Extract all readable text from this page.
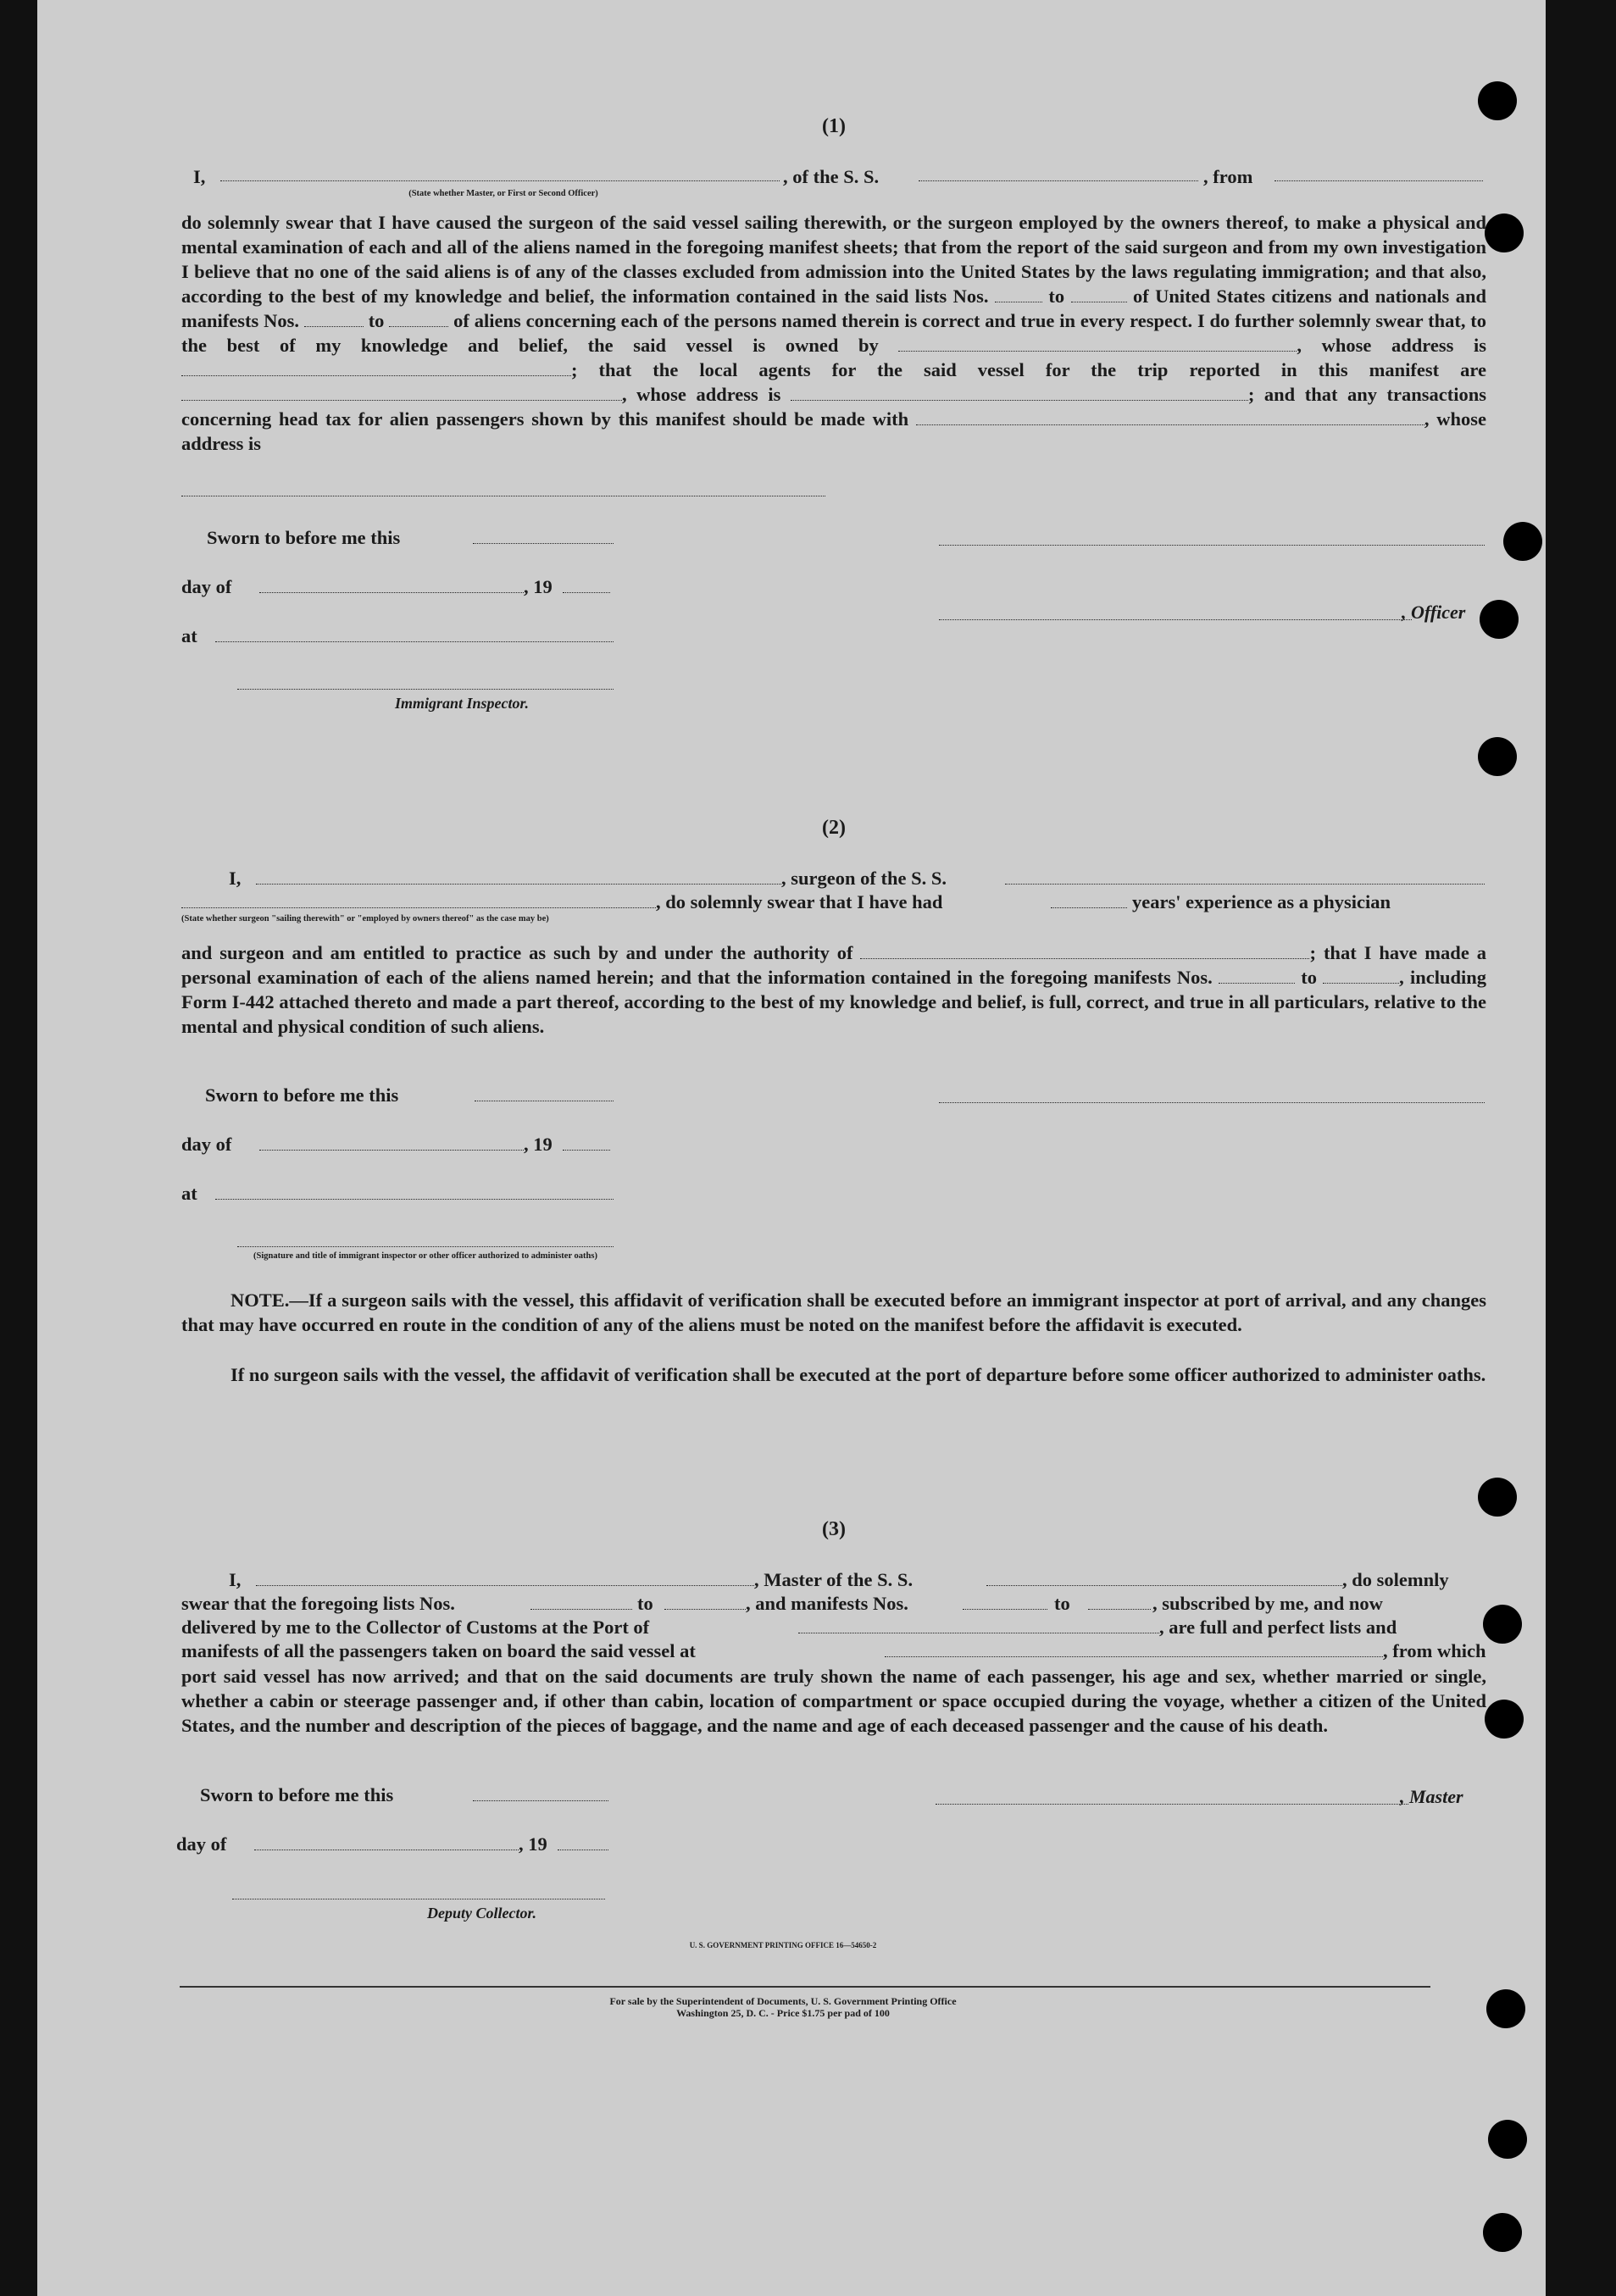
(1)
I,
(State whether Master, or First or Second Officer)
, of the S. S.	, from
do solemnly swear that I have caused the surgeon of the said vessel sailing therewith, or the surgeon employed by the owners thereof, to make a physical and mental examination of each and all of the aliens named in the foregoing manifest sheets; that from the report of the said surgeon and from my own investigation I believe that no one of the said aliens is of any of the classes excluded from admission into the United States by the laws regulating immigration; and that also, according to the best of my knowledge and belief, the information contained in the said lists Nos.	to	of United States citizens and nationals and manifests Nos.	to	of aliens concerning each of the persons named therein is correct and true in every respect. I do further solemnly swear that, to the best of my knowledge and belief, the said vessel is owned by	, whose address is ; that the local agents for the said vessel for the trip reported in this manifest are , whose address is	; and that any transactions concerning head tax for alien passengers shown by this manifest should be made with	, whose address is
Sworn to before me this
day of	, 19
at
Immigrant Inspector.
, Officer
(2)
I,	, surgeon of the S. S.
, do solemnly swear that I have had	years' experience as a physician
(State whether surgeon "sailing therewith" or "employed by owners thereof" as the case may be)
and surgeon and am entitled to practice as such by and under the authority of	; that I have made a personal examination of each of the aliens named herein; and that the information contained in the foregoing manifests Nos.	to	, including Form I-442 attached thereto and made a part thereof, according to the best of my knowledge and belief, is full, correct, and true in all particulars, relative to the mental and physical condition of such aliens.
Sworn to before me this
day of	, 19
at
(Signature and title of immigrant inspector or other officer authorized to administer oaths)
NOTE.—If a surgeon sails with the vessel, this affidavit of verification shall be executed before an immigrant inspector at port of arrival, and any changes that may have occurred en route in the condition of any of the aliens must be noted on the manifest before the affidavit is executed.
If no surgeon sails with the vessel, the affidavit of verification shall be executed at the port of departure before some officer authorized to administer oaths.
(3)
I,	, Master of the S. S.	, do solemnly
swear that the foregoing lists Nos.	to	, and manifests Nos.	to	, subscribed by me, and now
delivered by me to the Collector of Customs at the Port of	, are full and perfect lists and
manifests of all the passengers taken on board the said vessel at	, from which
port said vessel has now arrived; and that on the said documents are truly shown the name of each passenger, his age and sex, whether married or single, whether a cabin or steerage passenger and, if other than cabin, location of compartment or space occupied during the voyage, whether a citizen of the United States, and the number and description of the pieces of baggage, and the name and age of each deceased passenger and the cause of his death.
Sworn to before me this
day of	, 19
Deputy Collector.
, Master
U. S. GOVERNMENT PRINTING OFFICE 16—54650-2
For sale by the Superintendent of Documents, U. S. Government Printing Office
Washington 25, D. C. - Price $1.75 per pad of 100
